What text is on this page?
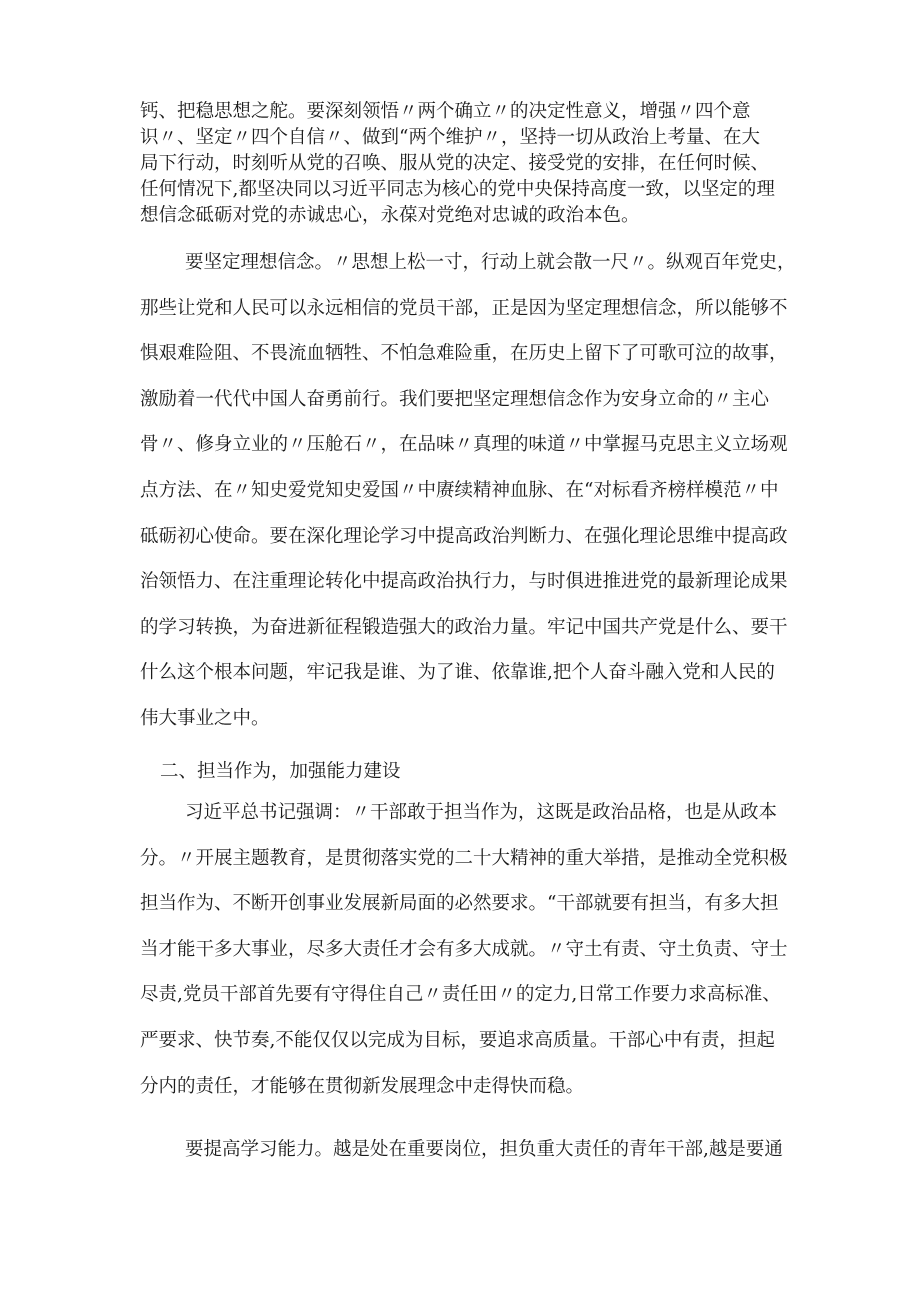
钙、把稳思想之舵。要深刻领悟〃两个确立〃的决定性意义，增强〃四个意
识〃、坚定〃四个自信〃、做到“两个维护〃，坚持一切从政治上考量、在大
局下行动，时刻听从党的召唤、服从党的决定、接受党的安排，在任何时候、
任何情况下,都坚决同以习近平同志为核心的党中央保持高度一致，以坚定的理
想信念砥砺对党的赤诚忠心，永葆对党绝对忠诚的政治本色。
要坚定理想信念。〃思想上松一寸，行动上就会散一尺〃。纵观百年党史，
那些让党和人民可以永远相信的党员干部，正是因为坚定理想信念，所以能够不
惧艰难险阻、不畏流血牺牲、不怕急难险重，在历史上留下了可歌可泣的故事，
激励着一代代中国人奋勇前行。我们要把坚定理想信念作为安身立命的〃主心
骨〃、修身立业的〃压舱石〃，在品味〃真理的味道〃中掌握马克思主义立场观
点方法、在〃知史爱党知史爱国〃中赓续精神血脉、在“对标看齐榜样模范〃中
砥砺初心使命。要在深化理论学习中提高政治判断力、在强化理论思维中提高政
治领悟力、在注重理论转化中提高政治执行力，与时俱进推进党的最新理论成果
的学习转换，为奋进新征程锻造强大的政治力量。牢记中国共产党是什么、要干
什么这个根本问题，牢记我是谁、为了谁、依靠谁,把个人奋斗融入党和人民的
伟大事业之中。
二、担当作为，加强能力建设
习近平总书记强调：〃干部敢于担当作为，这既是政治品格，也是从政本
分。〃开展主题教育，是贯彻落实党的二十大精神的重大举措，是推动全党积极
担当作为、不断开创事业发展新局面的必然要求。“干部就要有担当，有多大担
当才能干多大事业，尽多大责任才会有多大成就。〃守土有责、守土负责、守士
尽责,党员干部首先要有守得住自己〃责任田〃的定力,日常工作要力求高标准、
严要求、快节奏,不能仅仅以完成为目标，要追求高质量。干部心中有责，担起
分内的责任，才能够在贯彻新发展理念中走得快而稳。
要提高学习能力。越是处在重要岗位，担负重大责任的青年干部,越是要通
